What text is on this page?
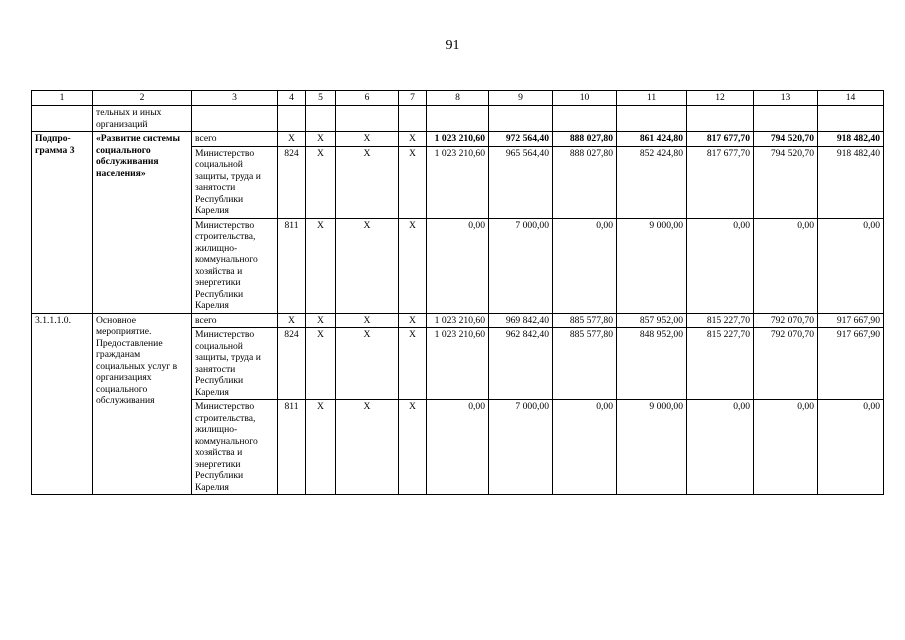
91
1	2	3	4	5	6	7	8	9	10	11	12	13	14
	тельных и иных организаций												
Подпро-грамма 3	«Развитие системы социального обслуживания населения»	всего	Х	Х	Х	Х	1 023 210,60	972 564,40	888 027,80	861 424,80	817 677,70	794 520,70	918 482,40
		Министерство социальной защиты, труда и занятости Республики Карелия	824	Х	Х	Х	1 023 210,60	965 564,40	888 027,80	852 424,80	817 677,70	794 520,70	918 482,40
		Министерство строительства, жилищно-коммунального хозяйства и энергетики Республики Карелия	811	Х	Х	Х	0,00	7 000,00	0,00	9 000,00	0,00	0,00	0,00
3.1.1.1.0.	Основное мероприятие. Предоставление гражданам социальных услуг в организациях социального обслуживания	всего	Х	Х	Х	Х	1 023 210,60	969 842,40	885 577,80	857 952,00	815 227,70	792 070,70	917 667,90
		Министерство социальной защиты, труда и занятости Республики Карелия	824	Х	Х	Х	1 023 210,60	962 842,40	885 577,80	848 952,00	815 227,70	792 070,70	917 667,90
		Министерство строительства, жилищно-коммунального хозяйства и энергетики Республики Карелия	811	Х	Х	Х	0,00	7 000,00	0,00	9 000,00	0,00	0,00	0,00
